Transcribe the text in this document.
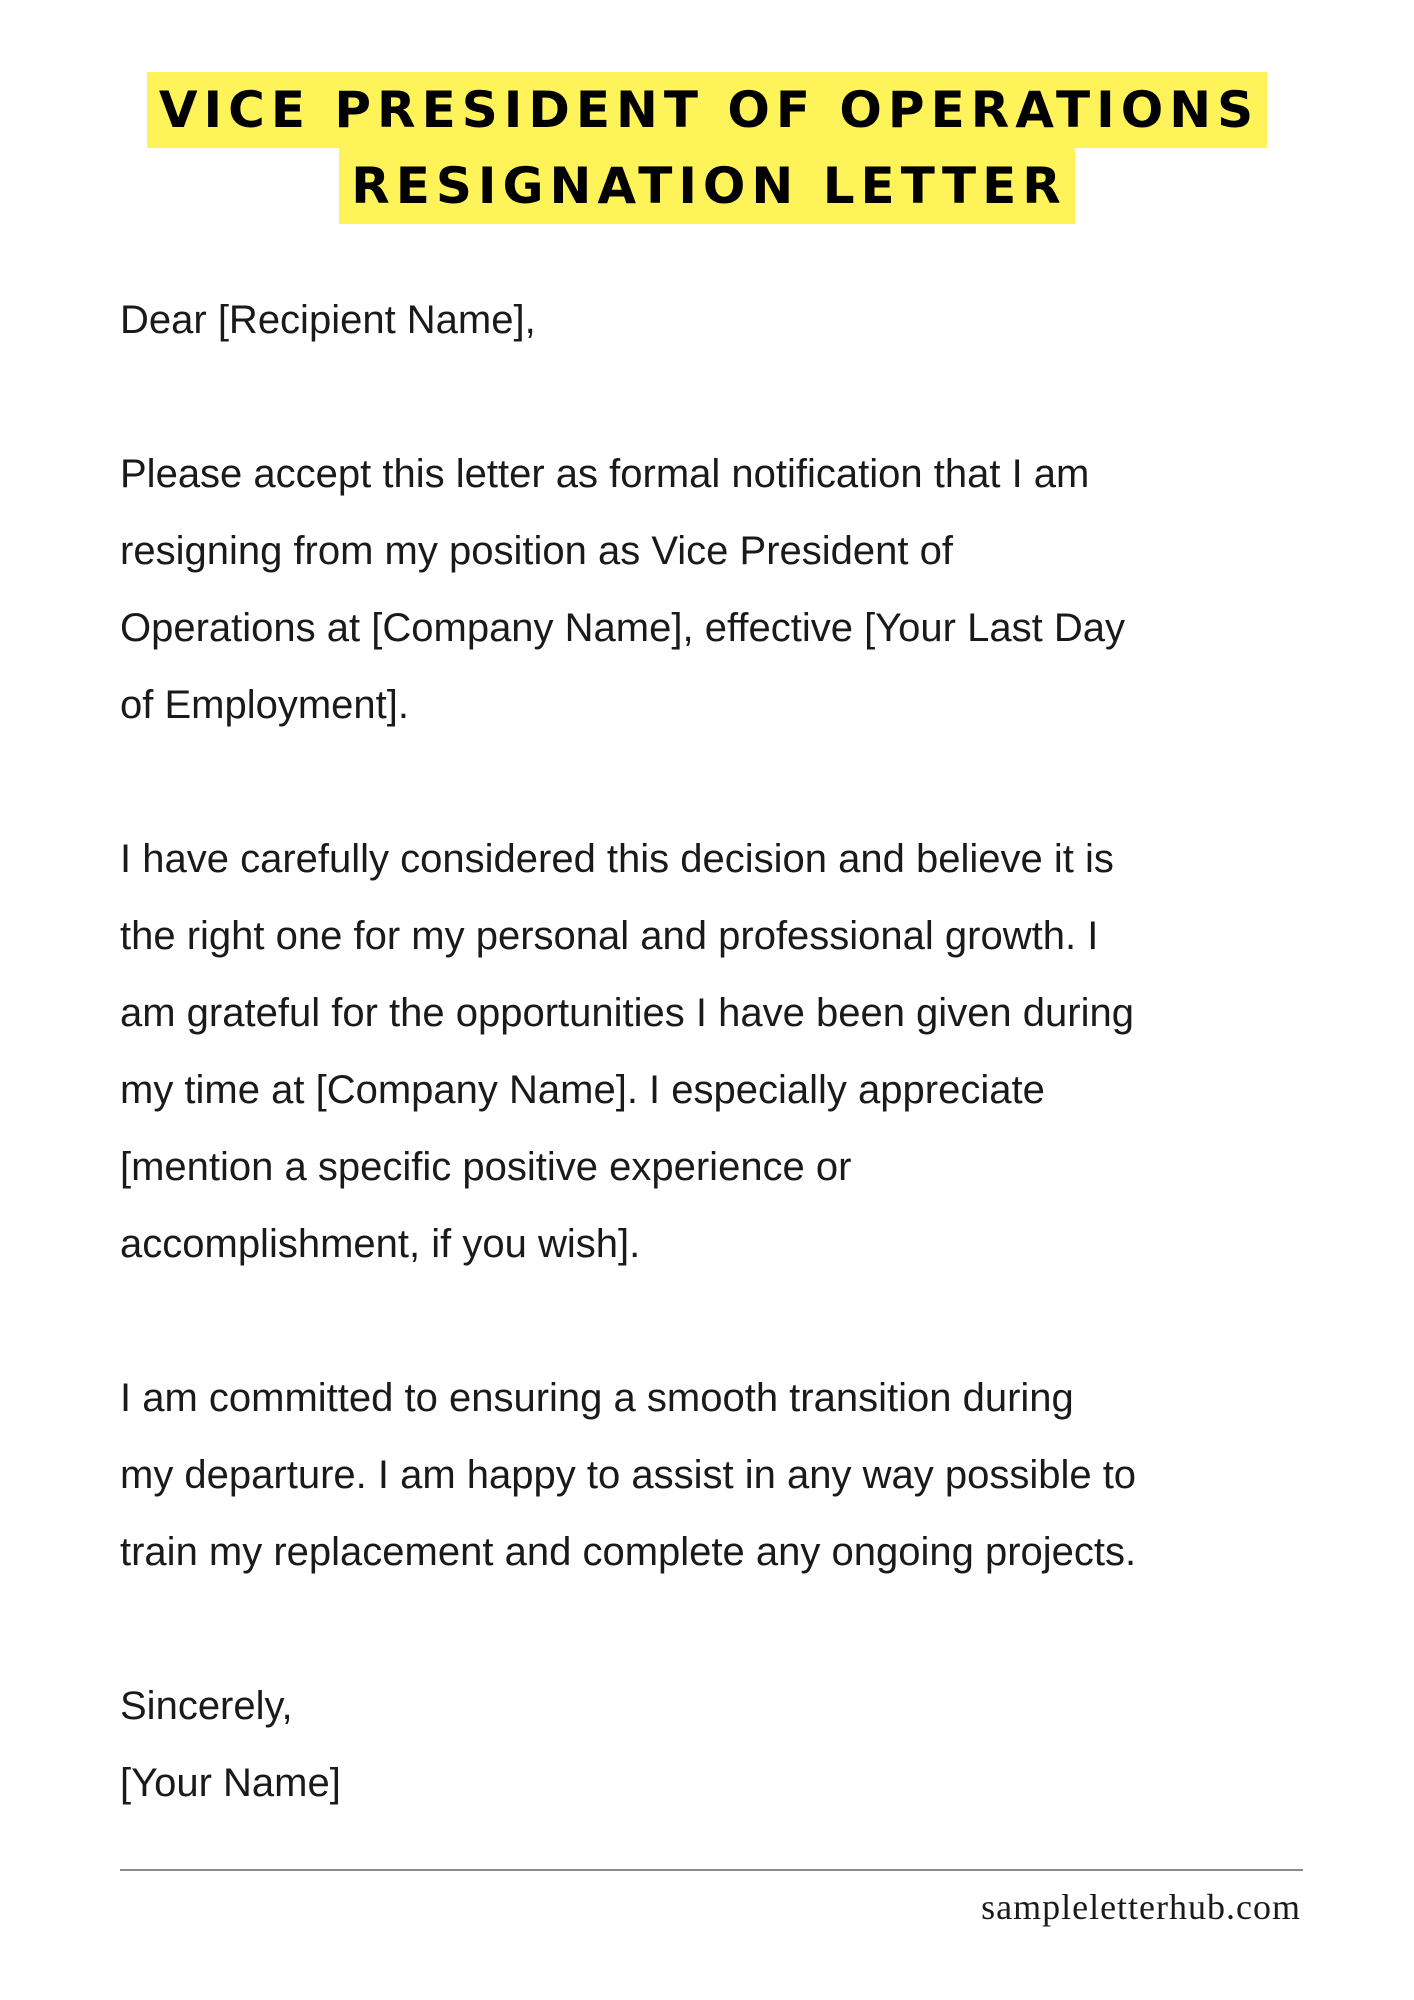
VICE PRESIDENT OF OPERATIONS
RESIGNATION LETTER

Dear [Recipient Name],

Please accept this letter as formal notification that I am

resigning from my position as Vice President of

Operations at [Company Name], effective [Your Last Day

of Employment].

I have carefully considered this decision and believe it is

the right one for my personal and professional growth. I

am grateful for the opportunities I have been given during

my time at [Company Name]. I especially appreciate

[mention a specific positive experience or

accomplishment, if you wish].

I am committed to ensuring a smooth transition during

my departure. I am happy to assist in any way possible to

train my replacement and complete any ongoing projects.

Sincerely,

[Your Name]

sampleletterhub.com
